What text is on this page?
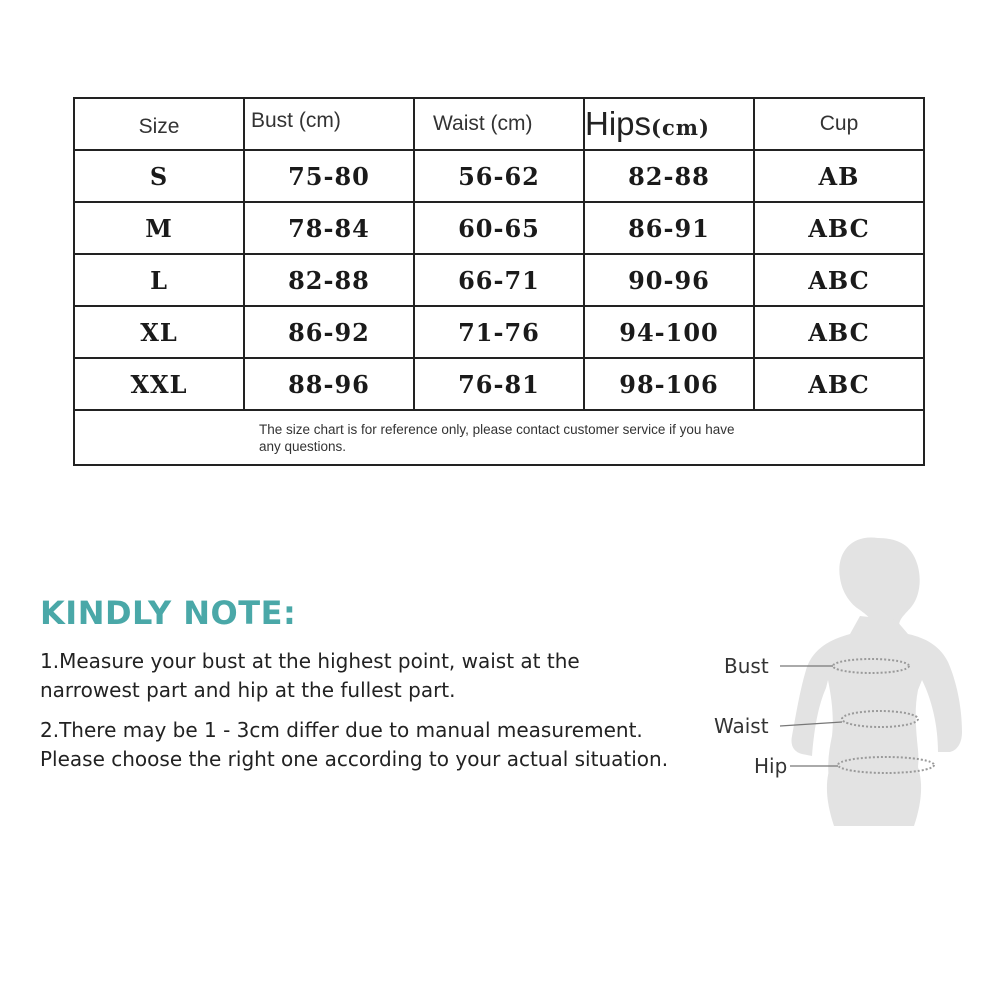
Size	Bust (cm)	Waist (cm)	Hips(cm)	Cup
S	75-80	56-62	82-88	AB
M	78-84	60-65	86-91	ABC
L	82-88	66-71	90-96	ABC
XL	86-92	71-76	94-100	ABC
XXL	88-96	76-81	98-106	ABC
The size chart is for reference only, please contact customer service if you have any questions.				
KINDLY NOTE:
1.Measure your bust at the highest point, waist at the
narrowest part and hip at the fullest part.
2.There may be 1 - 3cm differ due to manual measurement.
Please choose the right one according to your actual situation.
Bust
Waist
Hip
